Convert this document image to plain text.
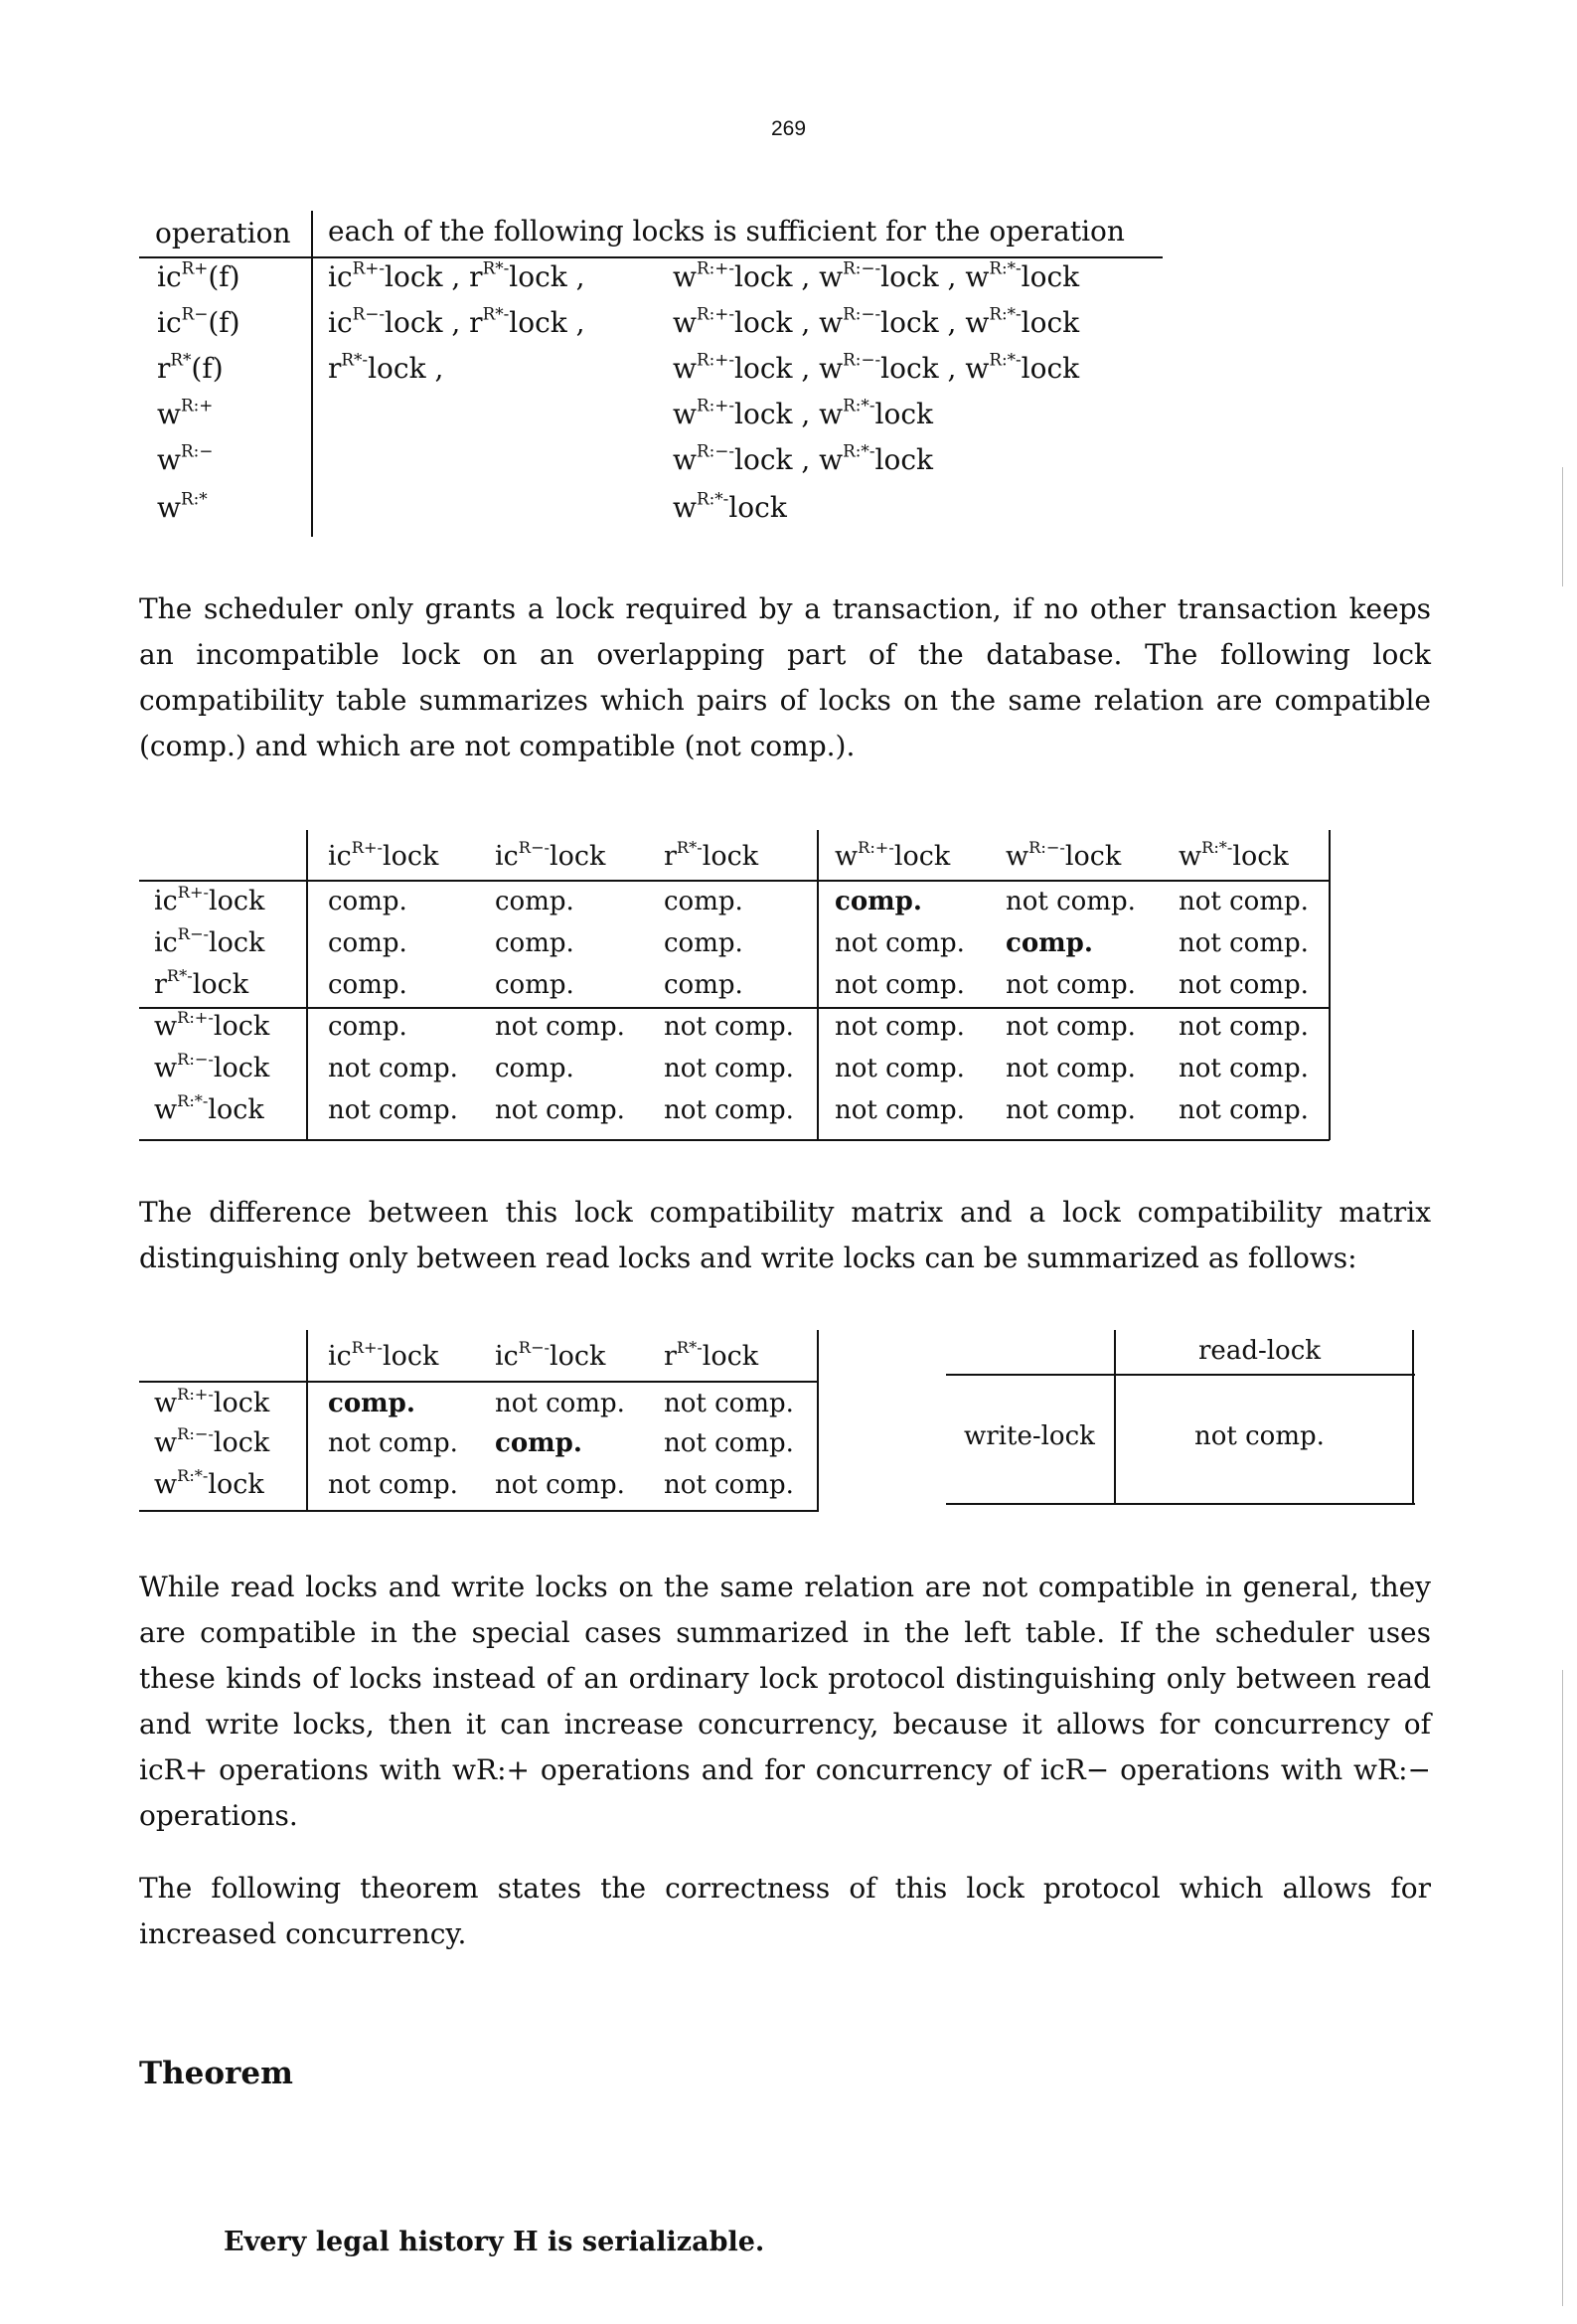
269
operation each of the following locks is sufficient for the operation
$ic^{R+}(f)$	$ic^{R+-}lock$ , $r^{R*-}lock$ ,	$w^{R:+-}lock$ , $w^{R:--}lock$ , $w^{R:*-}lock$
$ic^{R-}(f)$	$ic^{R--}lock$ , $r^{R*-}lock$ ,	$w^{R:+-}lock$ , $w^{R:--}lock$ , $w^{R:*-}lock$
$r^{R*}(f)$	$r^{R*-}lock$ ,	$w^{R:+-}lock$ , $w^{R:--}lock$ , $w^{R:*-}lock$
$w^{R:+}$	$w^{R:+-}lock$ , $w^{R:*-}lock$
$w^{R:-}$	$w^{R:--}lock$ , $w^{R:*-}lock$
$w^{R:*}$	$w^{R:*-}lock$
The scheduler only grants a lock required by a transaction, if no other transaction keeps an incompatible lock on an overlapping part of the database. The following lock compatibility table summarizes which pairs of locks on the same relation are compatible (comp.) and which are not compatible (not comp.).
$ic^{R+-}lock$ $ic^{R--}lock$ $r^{R*-}lock$	$w^{R:+-}lock$ $w^{R:--}lock$ $w^{R:*-}lock$
$ic^{R+-}lock$ comp.	comp.	comp.	comp.	not comp. not comp.
$ic^{R--}lock$ comp.	comp.	comp.	not comp. comp.	not comp.
$r^{R*-}lock$	comp.	comp.	comp.	not comp. not comp. not comp.
$w^{R:+-}lock$ comp.	not comp. not comp. not comp. not comp. not comp.
$w^{R:--}lock$ not comp. comp.	not comp. not comp. not comp. not comp.
$w^{R:*-}lock$ not comp. not comp. not comp. not comp. not comp. not comp.
The difference between this lock compatibility matrix and a lock compatibility matrix distinguishing only between read locks and write locks can be summarized as follows:
$ic^{R+-}lock$ $ic^{R--}lock$ $r^{R*-}lock$
$w^{R:+-}lock$ comp.	not comp. not comp.
$w^{R:--}lock$ not comp. comp.	not comp.
$w^{R:*-}lock$ not comp. not comp. not comp.
read-lock
write-lock	not comp.
While read locks and write locks on the same relation are not compatible in general, they are compatible in the special cases summarized in the left table. If the scheduler uses these kinds of locks instead of an ordinary lock protocol distinguishing only between read and write locks, then it can increase concurrency, because it allows for concurrency of icR+ operations with wR:+ operations and for concurrency of icR− operations with wR:− operations.
The following theorem states the correctness of this lock protocol which allows for increased concurrency.
Theorem
Every legal history H is serializable.
